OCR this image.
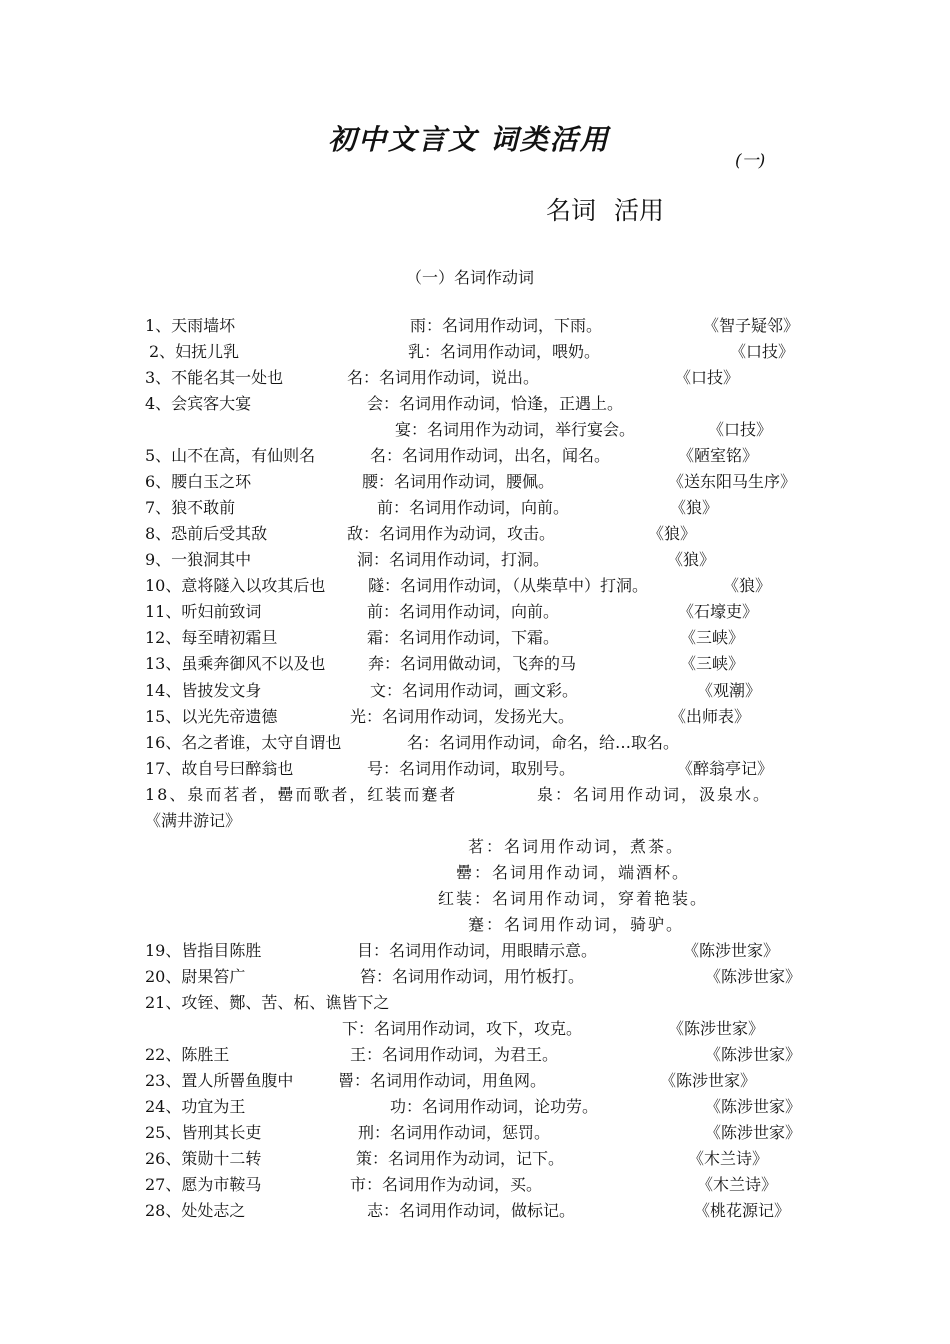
初中文言文 词类活用
(一)
名词 活用
（一）名词作动词
1、天雨墙坏	雨：名词用作动词，下雨。	《智子疑邻》
2、妇抚儿乳	乳：名词用作动词，喂奶。	《口技》
3、不能名其一处也	名：名词用作动词，说出。	《口技》
4、会宾客大宴	会：名词用作动词，恰逢，正遇上。
宴：名词用作为动词，举行宴会。	《口技》
5、山不在高，有仙则名	名：名词用作动词，出名，闻名。	《陋室铭》
6、腰白玉之环	腰：名词用作动词，腰佩。	《送东阳马生序》
7、狼不敢前	前：名词用作动词，向前。	《狼》
8、恐前后受其敌	敌：名词用作为动词，攻击。	《狼》
9、一狼洞其中	洞：名词用作动词，打洞。	《狼》
10、意将隧入以攻其后也	隧：名词用作动词，（从柴草中）打洞。	《狼》
11、听妇前致词	前：名词用作动词，向前。	《石壕吏》
12、每至晴初霜旦	霜：名词用作动词，下霜。	《三峡》
13、虽乘奔御风不以及也	奔：名词用做动词，飞奔的马	《三峡》
14、皆披发文身	文：名词用作动词，画文彩。	《观潮》
15、以光先帝遗德	光：名词用作动词，发扬光大。	《出师表》
16、名之者谁，太守自谓也	名：名词用作动词，命名，给…取名。
17、故自号曰醉翁也	号：名词用作动词，取别号。	《醉翁亭记》
18、泉而茗者，罍而歌者，红装而蹇者	泉：名词用作动词，汲泉水。
《满井游记》
茗：名词用作动词，煮茶。
罍：名词用作动词，端酒杯。
红装：名词用作动词，穿着艳装。
蹇：名词用作动词，骑驴。
19、皆指目陈胜	目：名词用作动词，用眼睛示意。	《陈涉世家》
20、尉果笞广	笞：名词用作动词，用竹板打。	《陈涉世家》
21、攻铚、酂、苦、柘、谯皆下之
下：名词用作动词，攻下，攻克。	《陈涉世家》
22、陈胜王	王：名词用作动词，为君王。	《陈涉世家》
23、置人所罾鱼腹中	罾：名词用作动词，用鱼网。	《陈涉世家》
24、功宜为王	功：名词用作动词，论功劳。	《陈涉世家》
25、皆刑其长吏	刑：名词用作动词，惩罚。	《陈涉世家》
26、策勋十二转	策：名词用作为动词，记下。	《木兰诗》
27、愿为市鞍马	市：名词用作为动词，买。	《木兰诗》
28、处处志之	志：名词用作动词，做标记。	《桃花源记》
